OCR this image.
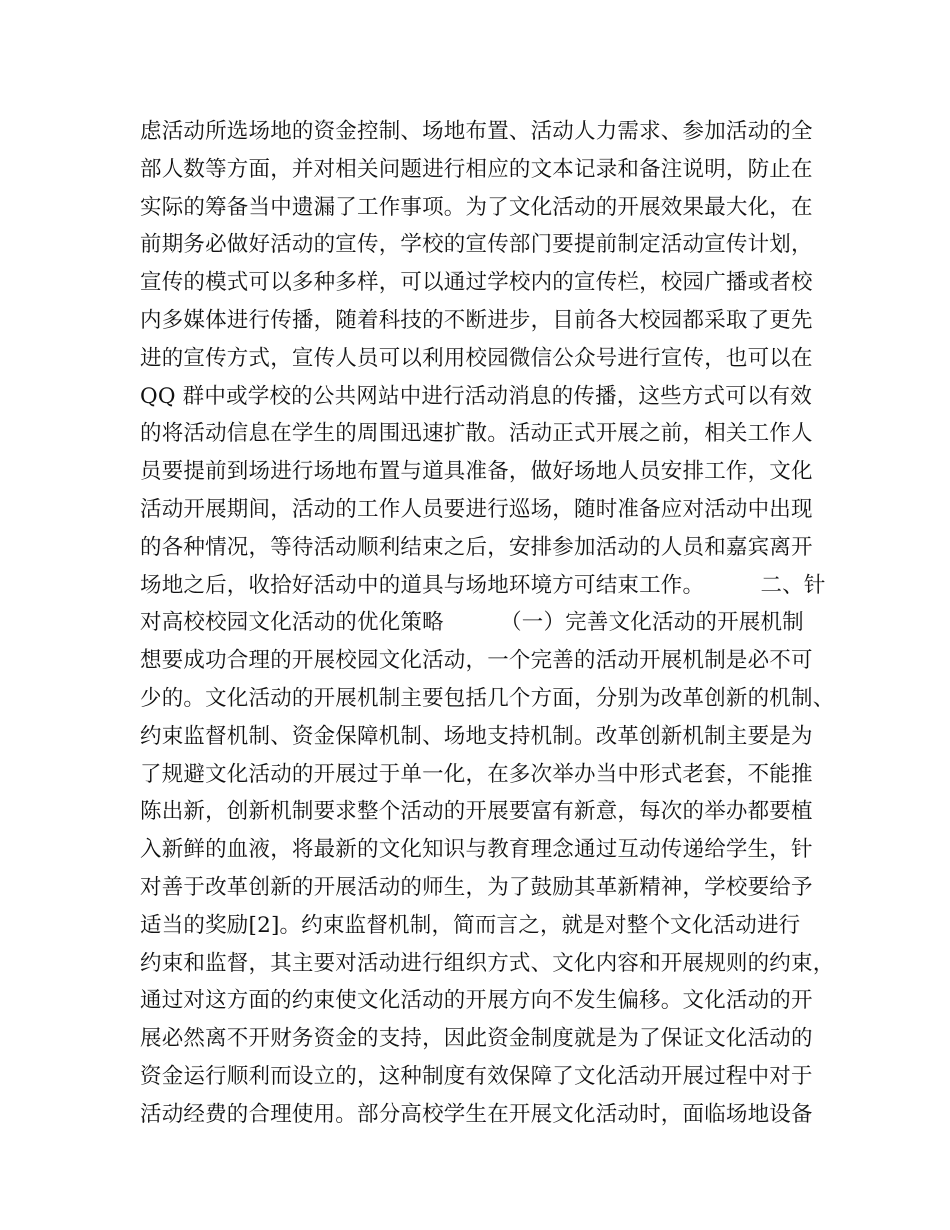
虑活动所选场地的资金控制、场地布置、活动人力需求、参加活动的全
部人数等方面，并对相关问题进行相应的文本记录和备注说明，防止在
实际的筹备当中遗漏了工作事项。为了文化活动的开展效果最大化，在
前期务必做好活动的宣传，学校的宣传部门要提前制定活动宣传计划，
宣传的模式可以多种多样，可以通过学校内的宣传栏，校园广播或者校
内多媒体进行传播，随着科技的不断进步，目前各大校园都采取了更先
进的宣传方式，宣传人员可以利用校园微信公众号进行宣传，也可以在
QQ 群中或学校的公共网站中进行活动消息的传播，这些方式可以有效
的将活动信息在学生的周围迅速扩散。活动正式开展之前，相关工作人
员要提前到场进行场地布置与道具准备，做好场地人员安排工作，文化
活动开展期间，活动的工作人员要进行巡场，随时准备应对活动中出现
的各种情况，等待活动顺利结束之后，安排参加活动的人员和嘉宾离开
场地之后，收拾好活动中的道具与场地环境方可结束工作。        二、针
对高校校园文化活动的优化策略        （一）完善文化活动的开展机制
想要成功合理的开展校园文化活动，一个完善的活动开展机制是必不可
少的。文化活动的开展机制主要包括几个方面，分别为改革创新的机制、
约束监督机制、资金保障机制、场地支持机制。改革创新机制主要是为
了规避文化活动的开展过于单一化，在多次举办当中形式老套，不能推
陈出新，创新机制要求整个活动的开展要富有新意，每次的举办都要植
入新鲜的血液，将最新的文化知识与教育理念通过互动传递给学生，针
对善于改革创新的开展活动的师生，为了鼓励其革新精神，学校要给予
适当的奖励[2]。约束监督机制，简而言之，就是对整个文化活动进行
约束和监督，其主要对活动进行组织方式、文化内容和开展规则的约束，
通过对这方面的约束使文化活动的开展方向不发生偏移。文化活动的开
展必然离不开财务资金的支持，因此资金制度就是为了保证文化活动的
资金运行顺利而设立的，这种制度有效保障了文化活动开展过程中对于
活动经费的合理使用。部分高校学生在开展文化活动时，面临场地设备
